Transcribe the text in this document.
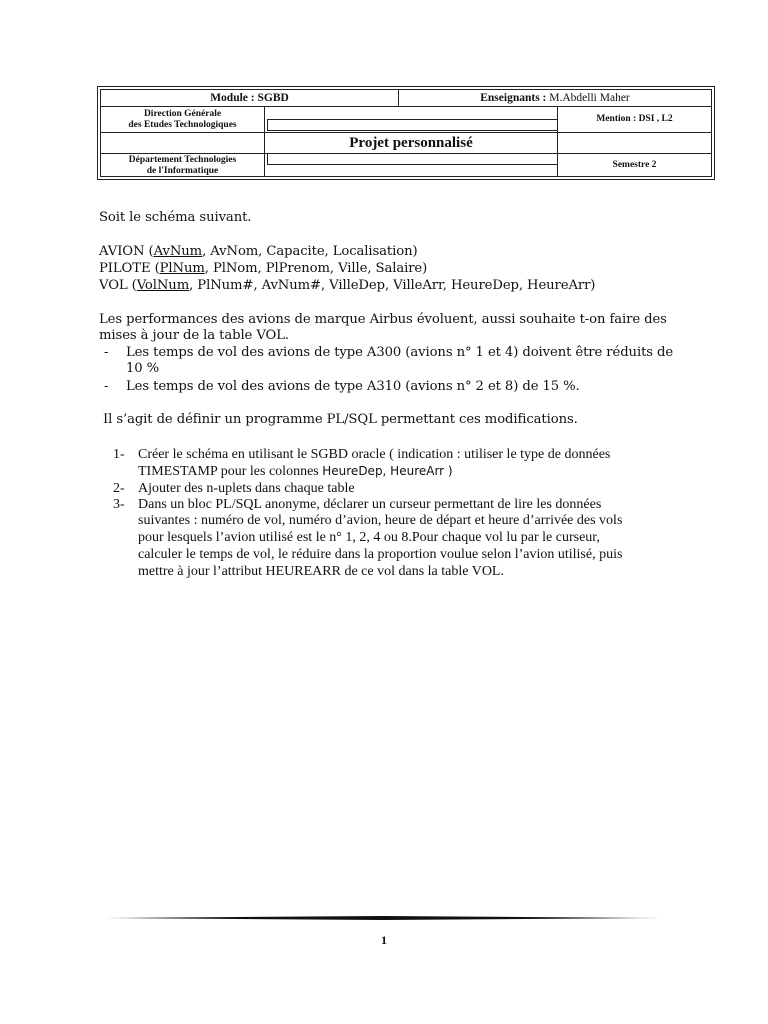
Module : SGBD	Enseignants : M.Abdelli Maher
Direction Générale
des Etudes Technologiques
Mention : DSI , L2
Projet personnalisé
Département Technologies
de l'Informatique
Semestre 2
Soit le schéma suivant.
AVION (AvNum, AvNom, Capacite, Localisation)
PILOTE (PlNum, PlNom, PlPrenom, Ville, Salaire)
VOL (VolNum, PlNum#, AvNum#, VilleDep, VilleArr, HeureDep, HeureArr)
Les performances des avions de marque Airbus évoluent, aussi souhaite t-on faire des
mises à jour de la table VOL.
- Les temps de vol des avions de type A300 (avions n° 1 et 4) doivent être réduits de
10 %
- Les temps de vol des avions de type A310 (avions n° 2 et 8) de 15 %.
Il s’agit de définir un programme PL/SQL permettant ces modifications.
1- Créer le schéma en utilisant le SGBD oracle ( indication : utiliser le type de données
TIMESTAMP pour les colonnes HeureDep, HeureArr )
2- Ajouter des n-uplets dans chaque table
3- Dans un bloc PL/SQL anonyme, déclarer un curseur permettant de lire les données
suivantes : numéro de vol, numéro d’avion, heure de départ et heure d’arrivée des vols
pour lesquels l’avion utilisé est le n° 1, 2, 4 ou 8.Pour chaque vol lu par le curseur,
calculer le temps de vol, le réduire dans la proportion voulue selon l’avion utilisé, puis
mettre à jour l’attribut HEUREARR de ce vol dans la table VOL.
1
